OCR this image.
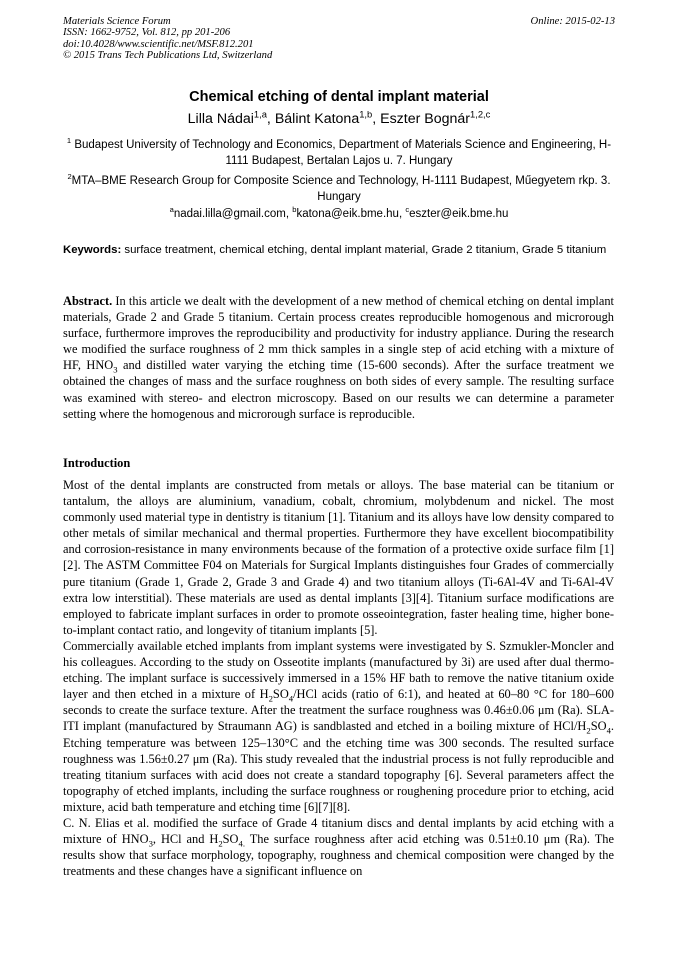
Materials Science Forum
ISSN: 1662-9752, Vol. 812, pp 201-206
doi:10.4028/www.scientific.net/MSF.812.201
© 2015 Trans Tech Publications Ltd, Switzerland
Online: 2015-02-13
Chemical etching of dental implant material
Lilla Nádai$^{1,a}$, Bálint Katona$^{1,b}$, Eszter Bognár$^{1,2,c}$
$^1$ Budapest University of Technology and Economics, Department of Materials Science and Engineering, H-1111 Budapest, Bertalan Lajos u. 7. Hungary
$^2$MTA–BME Research Group for Composite Science and Technology, H-1111 Budapest, Műegyetem rkp. 3. Hungary
$^a$nadai.lilla@gmail.com, $^b$katona@eik.bme.hu, $^c$eszter@eik.bme.hu
Keywords: surface treatment, chemical etching, dental implant material, Grade 2 titanium, Grade 5 titanium
Abstract. In this article we dealt with the development of a new method of chemical etching on dental implant materials, Grade 2 and Grade 5 titanium. Certain process creates reproducible homogenous and microrough surface, furthermore improves the reproducibility and productivity for industry appliance. During the research we modified the surface roughness of 2 mm thick samples in a single step of acid etching with a mixture of HF, $HNO_3$ and distilled water varying the etching time (15-600 seconds). After the surface treatment we obtained the changes of mass and the surface roughness on both sides of every sample. The resulting surface was examined with stereo- and electron microscopy. Based on our results we can determine a parameter setting where the homogenous and microrough surface is reproducible.
Introduction

Most of the dental implants are constructed from metals or alloys. The base material can be titanium or tantalum, the alloys are aluminium, vanadium, cobalt, chromium, molybdenum and nickel. The most commonly used material type in dentistry is titanium [1]. Titanium and its alloys have low density compared to other metals of similar mechanical and thermal properties. Furthermore they have excellent biocompatibility and corrosion-resistance in many environments because of the formation of a protective oxide surface film [1][2]. The ASTM Committee F04 on Materials for Surgical Implants distinguishes four Grades of commercially pure titanium (Grade 1, Grade 2, Grade 3 and Grade 4) and two titanium alloys (Ti-6Al-4V and Ti-6Al-4V extra low interstitial). These materials are used as dental implants [3][4]. Titanium surface modifications are employed to fabricate implant surfaces in order to promote osseointegration, faster healing time, higher bone-to-implant contact ratio, and longevity of titanium implants [5].

Commercially available etched implants from implant systems were investigated by S. Szmukler-Moncler and his colleagues. According to the study on Osseotite implants (manufactured by 3i) are used after dual thermo-etching. The implant surface is successively immersed in a 15% HF bath to remove the native titanium oxide layer and then etched in a mixture of $H_2SO_4$/HCl acids (ratio of 6:1), and heated at 60–80 °C for 180–600 seconds to create the surface texture. After the treatment the surface roughness was 0.46±0.06 μm (Ra). SLA-ITI implant (manufactured by Straumann AG) is sandblasted and etched in a boiling mixture of HCl/$H_2SO_4$. Etching temperature was between 125–130°C and the etching time was 300 seconds. The resulted surface roughness was 1.56±0.27 μm (Ra). This study revealed that the industrial process is not fully reproducible and treating titanium surfaces with acid does not create a standard topography [6]. Several parameters affect the topography of etched implants, including the surface roughness or roughening procedure prior to etching, acid mixture, acid bath temperature and etching time [6][7][8].

C. N. Elias et al. modified the surface of Grade 4 titanium discs and dental implants by acid etching with a mixture of $HNO_3$, HCl and $H_2SO_{4.}$ The surface roughness after acid etching was 0.51±0.10 μm (Ra). The results show that surface morphology, topography, roughness and chemical composition were changed by the treatments and these changes have a significant influence on
